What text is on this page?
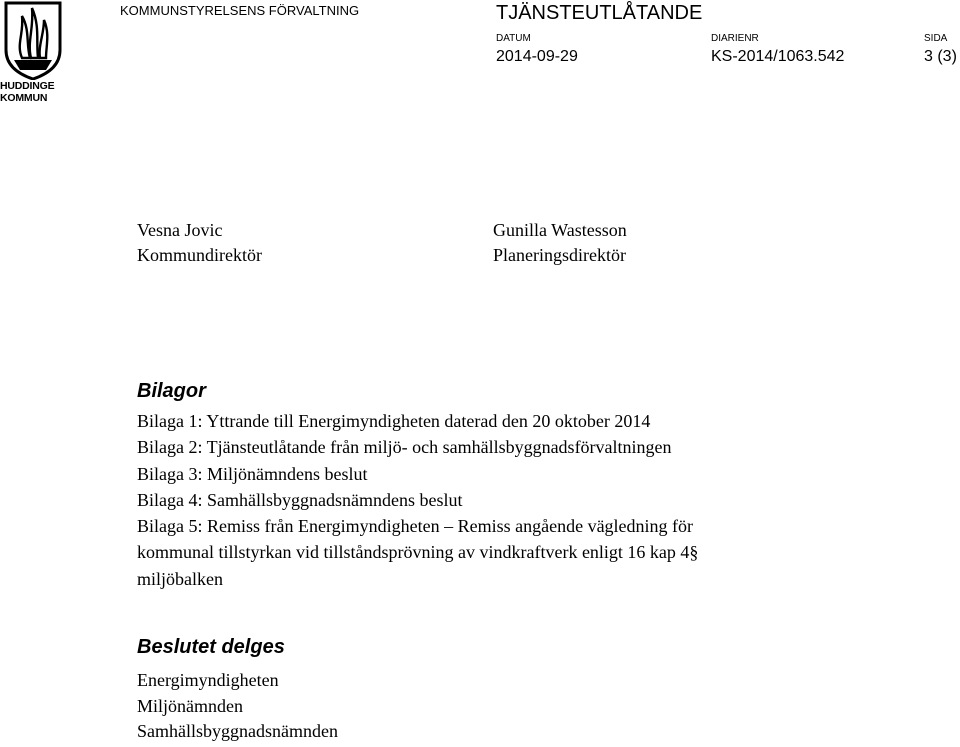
HUDDINGE
KOMMUN
KOMMUNSTYRELSENS FÖRVALTNING	TJÄNSTEUTLÅTANDE
DATUM
2014-09-29
DIARIENR
KS-2014/1063.542
SIDA
3 (3)
Vesna Jovic
Kommundirektör
Gunilla Wastesson
Planeringsdirektör
Bilagor
Bilaga 1: Yttrande till Energimyndigheten daterad den 20 oktober 2014
Bilaga 2: Tjänsteutlåtande från miljö- och samhällsbyggnadsförvaltningen
Bilaga 3: Miljönämndens beslut
Bilaga 4: Samhällsbyggnadsnämndens beslut
Bilaga 5: Remiss från Energimyndigheten – Remiss angående vägledning för
kommunal tillstyrkan vid tillståndsprövning av vindkraftverk enligt 16 kap 4§
miljöbalken
Beslutet delges
Energimyndigheten
Miljönämnden
Samhällsbyggnadsnämnden
